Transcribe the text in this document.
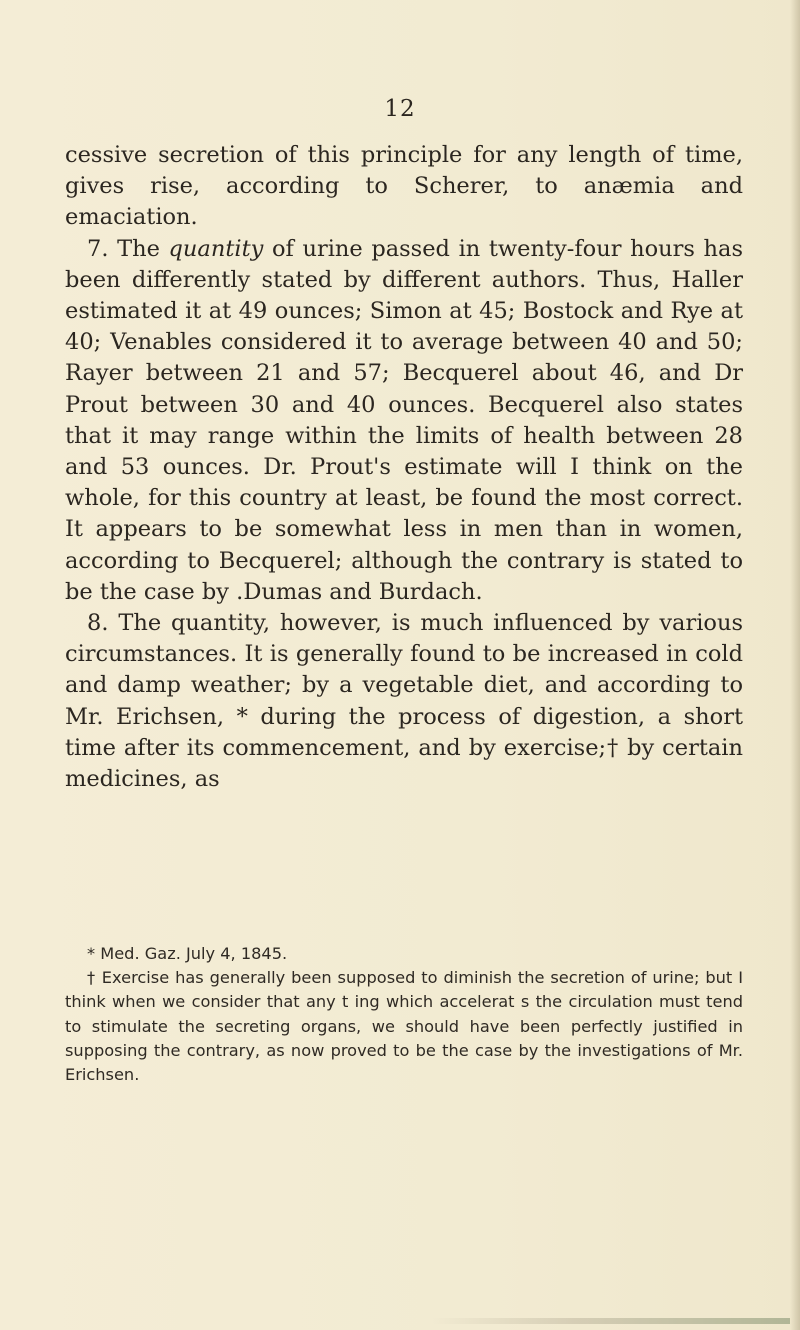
12

cessive secretion of this principle for any length of time, gives rise, according to Scherer, to anæmia and emaciation.

7. The quantity of urine passed in twenty-four hours has been differently stated by different authors. Thus, Haller estimated it at 49 ounces; Simon at 45; Bostock and Rye at 40; Venables considered it to average between 40 and 50; Rayer between 21 and 57; Becquerel about 46, and Dr Prout between 30 and 40 ounces. Becquerel also states that it may range within the limits of health between 28 and 53 ounces. Dr. Prout's estimate will I think on the whole, for this country at least, be found the most correct. It appears to be somewhat less in men than in women, according to Becquerel; although the contrary is stated to be the case by .Dumas and Burdach.

8. The quantity, however, is much influenced by various circumstances. It is generally found to be increased in cold and damp weather; by a vegetable diet, and according to Mr. Erichsen, * during the process of digestion, a short time after its commencement, and by exercise;† by certain medicines, as

* Med. Gaz. July 4, 1845.

† Exercise has generally been supposed to diminish the secretion of urine; but I think when we consider that any t ing which accelerat s the circulation must tend to stimulate the secreting organs, we should have been perfectly justified in supposing the contrary, as now proved to be the case by the investigations of Mr. Erichsen.
